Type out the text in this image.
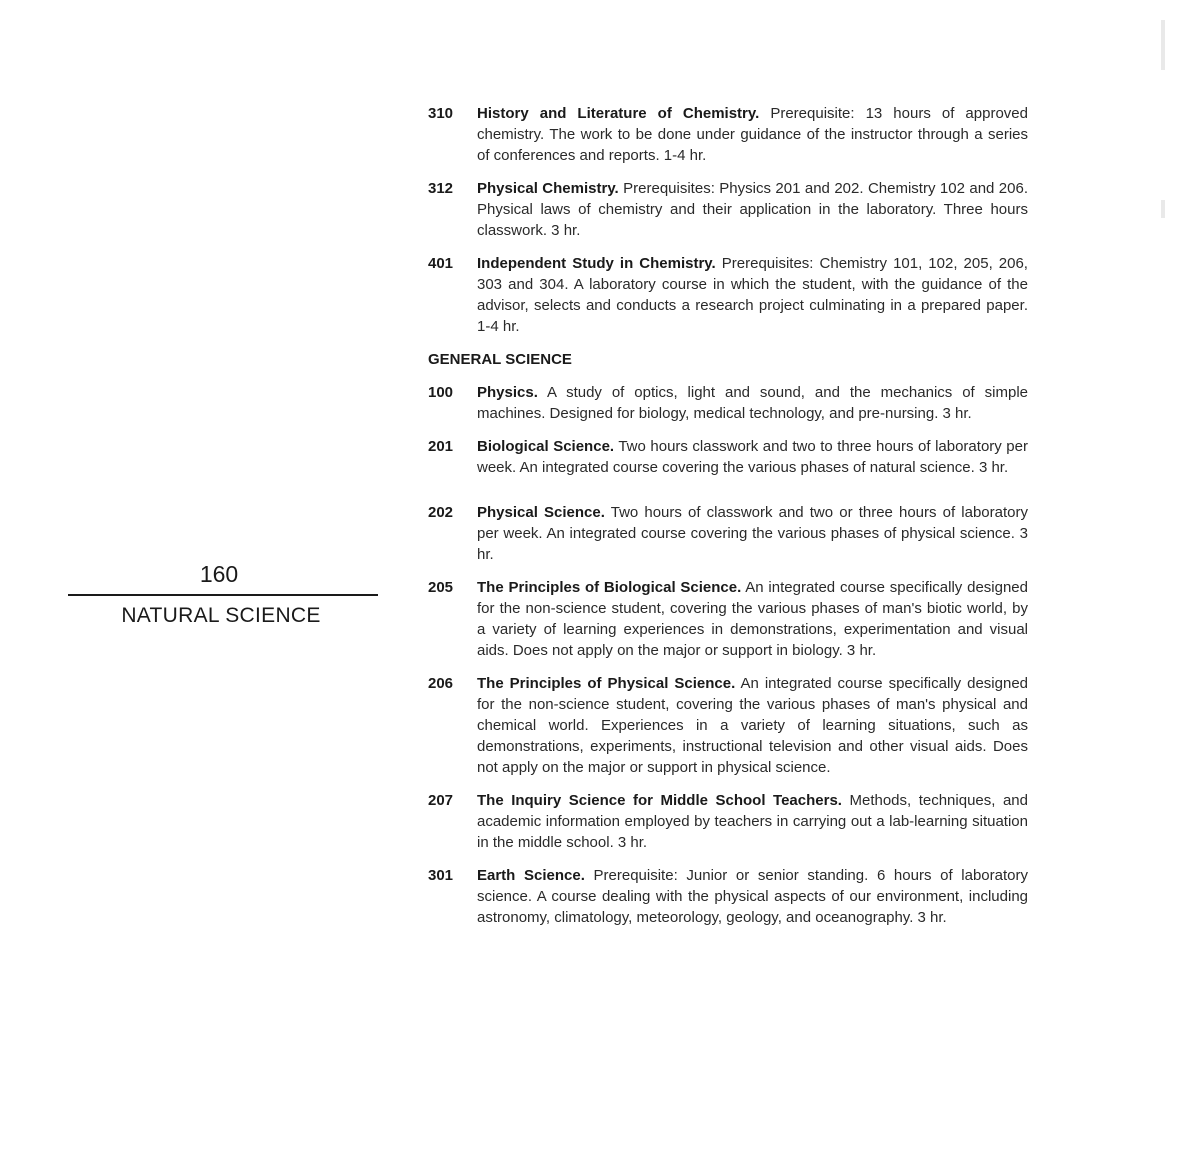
160
NATURAL SCIENCE
310	History and Literature of Chemistry. Prerequisite: 13 hours of approved chemistry. The work to be done under guidance of the instructor through a series of conferences and reports. 1-4 hr.
312	Physical Chemistry. Prerequisites: Physics 201 and 202. Chemistry 102 and 206. Physical laws of chemistry and their application in the laboratory. Three hours classwork. 3 hr.
401	Independent Study in Chemistry. Prerequisites: Chemistry 101, 102, 205, 206, 303 and 304. A laboratory course in which the student, with the guidance of the advisor, selects and conducts a research project culminating in a prepared paper. 1-4 hr.
GENERAL SCIENCE
100	Physics. A study of optics, light and sound, and the mechanics of simple machines. Designed for biology, medical technology, and pre-nursing. 3 hr.
201	Biological Science. Two hours classwork and two to three hours of laboratory per week. An integrated course covering the various phases of natural science. 3 hr.
202	Physical Science. Two hours of classwork and two or three hours of laboratory per week. An integrated course covering the various phases of physical science. 3 hr.
205	The Principles of Biological Science. An integrated course specifically designed for the non-science student, covering the various phases of man's biotic world, by a variety of learning experiences in demonstrations, experimentation and visual aids. Does not apply on the major or support in biology. 3 hr.
206	The Principles of Physical Science. An integrated course specifically designed for the non-science student, covering the various phases of man's physical and chemical world. Experiences in a variety of learning situations, such as demonstrations, experiments, instructional television and other visual aids. Does not apply on the major or support in physical science.
207	The Inquiry Science for Middle School Teachers. Methods, techniques, and academic information employed by teachers in carrying out a lab-learning situation in the middle school. 3 hr.
301	Earth Science. Prerequisite: Junior or senior standing. 6 hours of laboratory science. A course dealing with the physical aspects of our environment, including astronomy, climatology, meteorology, geology, and oceanography. 3 hr.
